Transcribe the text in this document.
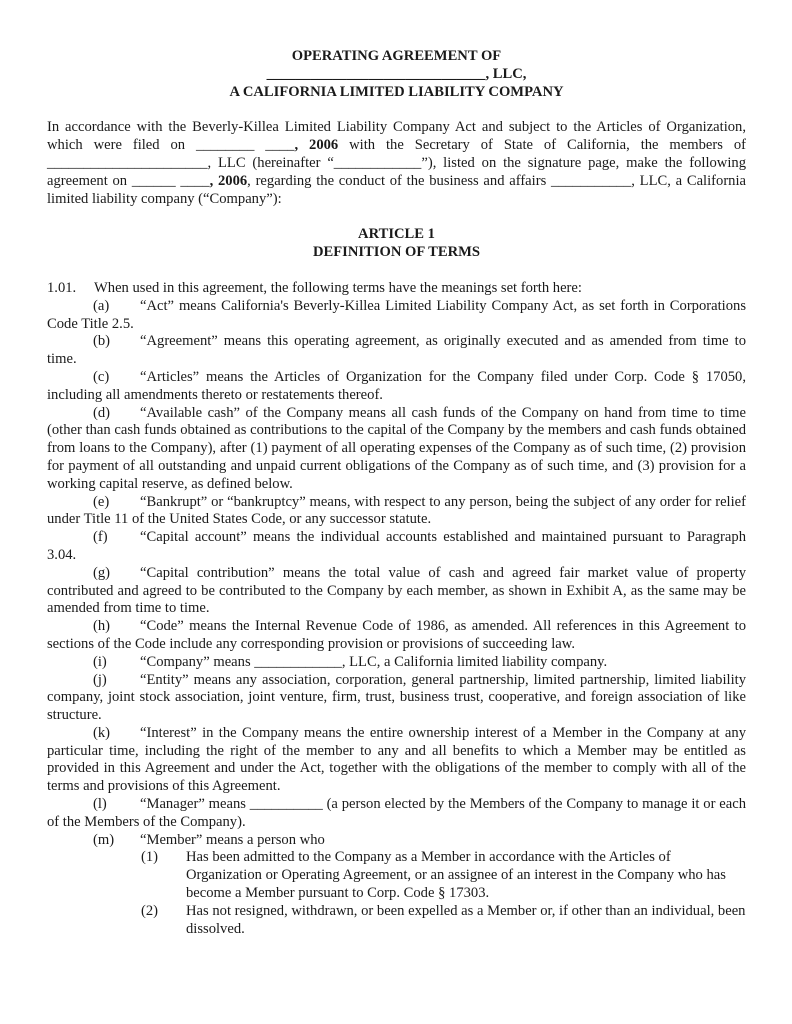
OPERATING AGREEMENT OF
______________________________, LLC,
A CALIFORNIA LIMITED LIABILITY COMPANY
In accordance with the Beverly-Killea Limited Liability Company Act and subject to the Articles of Organization, which were filed on ________ ____, 2006 with the Secretary of State of California, the members of ______________________, LLC (hereinafter “____________”), listed on the signature page, make the following agreement on ______ ____, 2006, regarding the conduct of the business and affairs ___________, LLC, a California limited liability company (“Company”):
ARTICLE 1
DEFINITION OF TERMS
1.01. When used in this agreement, the following terms have the meanings set forth here:
(a) “Act” means California's Beverly-Killea Limited Liability Company Act, as set forth in Corporations Code Title 2.5.
(b) “Agreement” means this operating agreement, as originally executed and as amended from time to time.
(c) “Articles” means the Articles of Organization for the Company filed under Corp. Code § 17050, including all amendments thereto or restatements thereof.
(d) “Available cash” of the Company means all cash funds of the Company on hand from time to time (other than cash funds obtained as contributions to the capital of the Company by the members and cash funds obtained from loans to the Company), after (1) payment of all operating expenses of the Company as of such time, (2) provision for payment of all outstanding and unpaid current obligations of the Company as of such time, and (3) provision for a working capital reserve, as defined below.
(e) “Bankrupt” or “bankruptcy” means, with respect to any person, being the subject of any order for relief under Title 11 of the United States Code, or any successor statute.
(f) “Capital account” means the individual accounts established and maintained pursuant to Paragraph 3.04.
(g) “Capital contribution” means the total value of cash and agreed fair market value of property contributed and agreed to be contributed to the Company by each member, as shown in Exhibit A, as the same may be amended from time to time.
(h) “Code” means the Internal Revenue Code of 1986, as amended. All references in this Agreement to sections of the Code include any corresponding provision or provisions of succeeding law.
(i) “Company” means ____________, LLC, a California limited liability company.
(j) “Entity” means any association, corporation, general partnership, limited partnership, limited liability company, joint stock association, joint venture, firm, trust, business trust, cooperative, and foreign association of like structure.
(k) “Interest” in the Company means the entire ownership interest of a Member in the Company at any particular time, including the right of the member to any and all benefits to which a Member may be entitled as provided in this Agreement and under the Act, together with the obligations of the member to comply with all of the terms and provisions of this Agreement.
(l) “Manager” means __________ (a person elected by the Members of the Company to manage it or each of the Members of the Company).
(m) “Member” means a person who
(1)	Has been admitted to the Company as a Member in accordance with the Articles of Organization or Operating Agreement, or an assignee of an interest in the Company who has become a Member pursuant to Corp. Code § 17303.
(2)	Has not resigned, withdrawn, or been expelled as a Member or, if other than an individual, been dissolved.
